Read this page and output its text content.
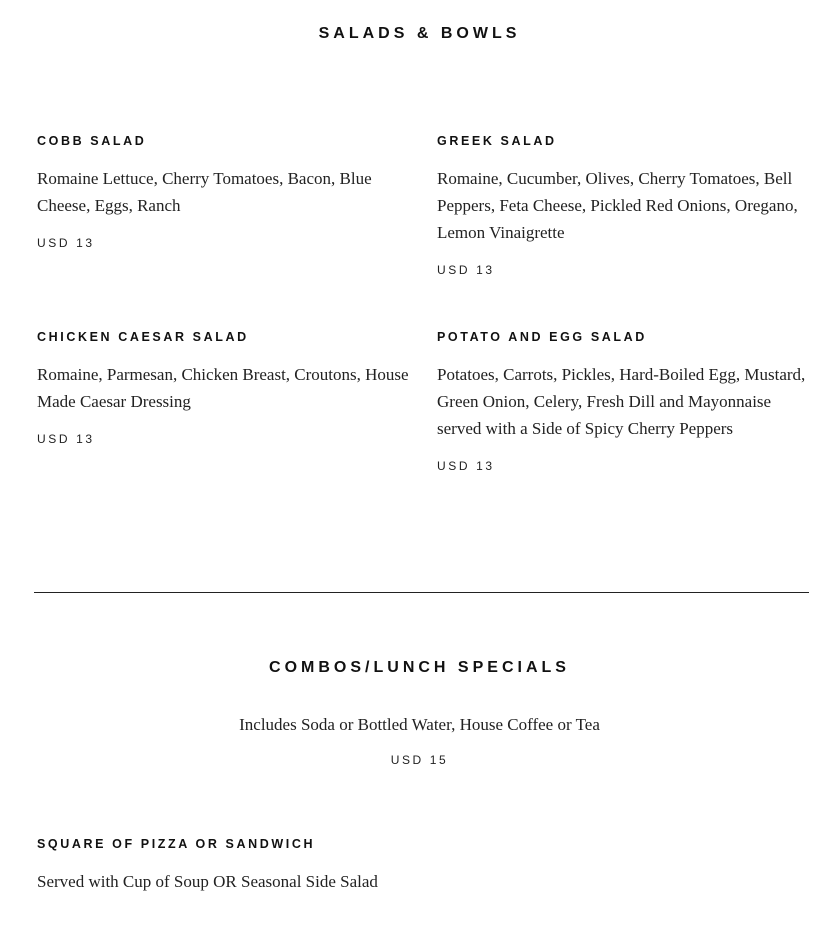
SALADS & BOWLS

COBB SALAD

Romaine Lettuce, Cherry Tomatoes, Bacon, Blue Cheese, Eggs, Ranch

USD 13

GREEK SALAD

Romaine, Cucumber, Olives, Cherry Tomatoes, Bell Peppers, Feta Cheese, Pickled Red Onions, Oregano, Lemon Vinaigrette

USD 13

CHICKEN CAESAR SALAD

Romaine, Parmesan, Chicken Breast, Croutons, House Made Caesar Dressing

USD 13

POTATO AND EGG SALAD

Potatoes, Carrots, Pickles, Hard-Boiled Egg, Mustard, Green Onion, Celery, Fresh Dill and Mayonnaise served with a Side of Spicy Cherry Peppers

USD 13

COMBOS/LUNCH SPECIALS

Includes Soda or Bottled Water, House Coffee or Tea

USD 15

SQUARE OF PIZZA OR SANDWICH

Served with Cup of Soup OR Seasonal Side Salad
